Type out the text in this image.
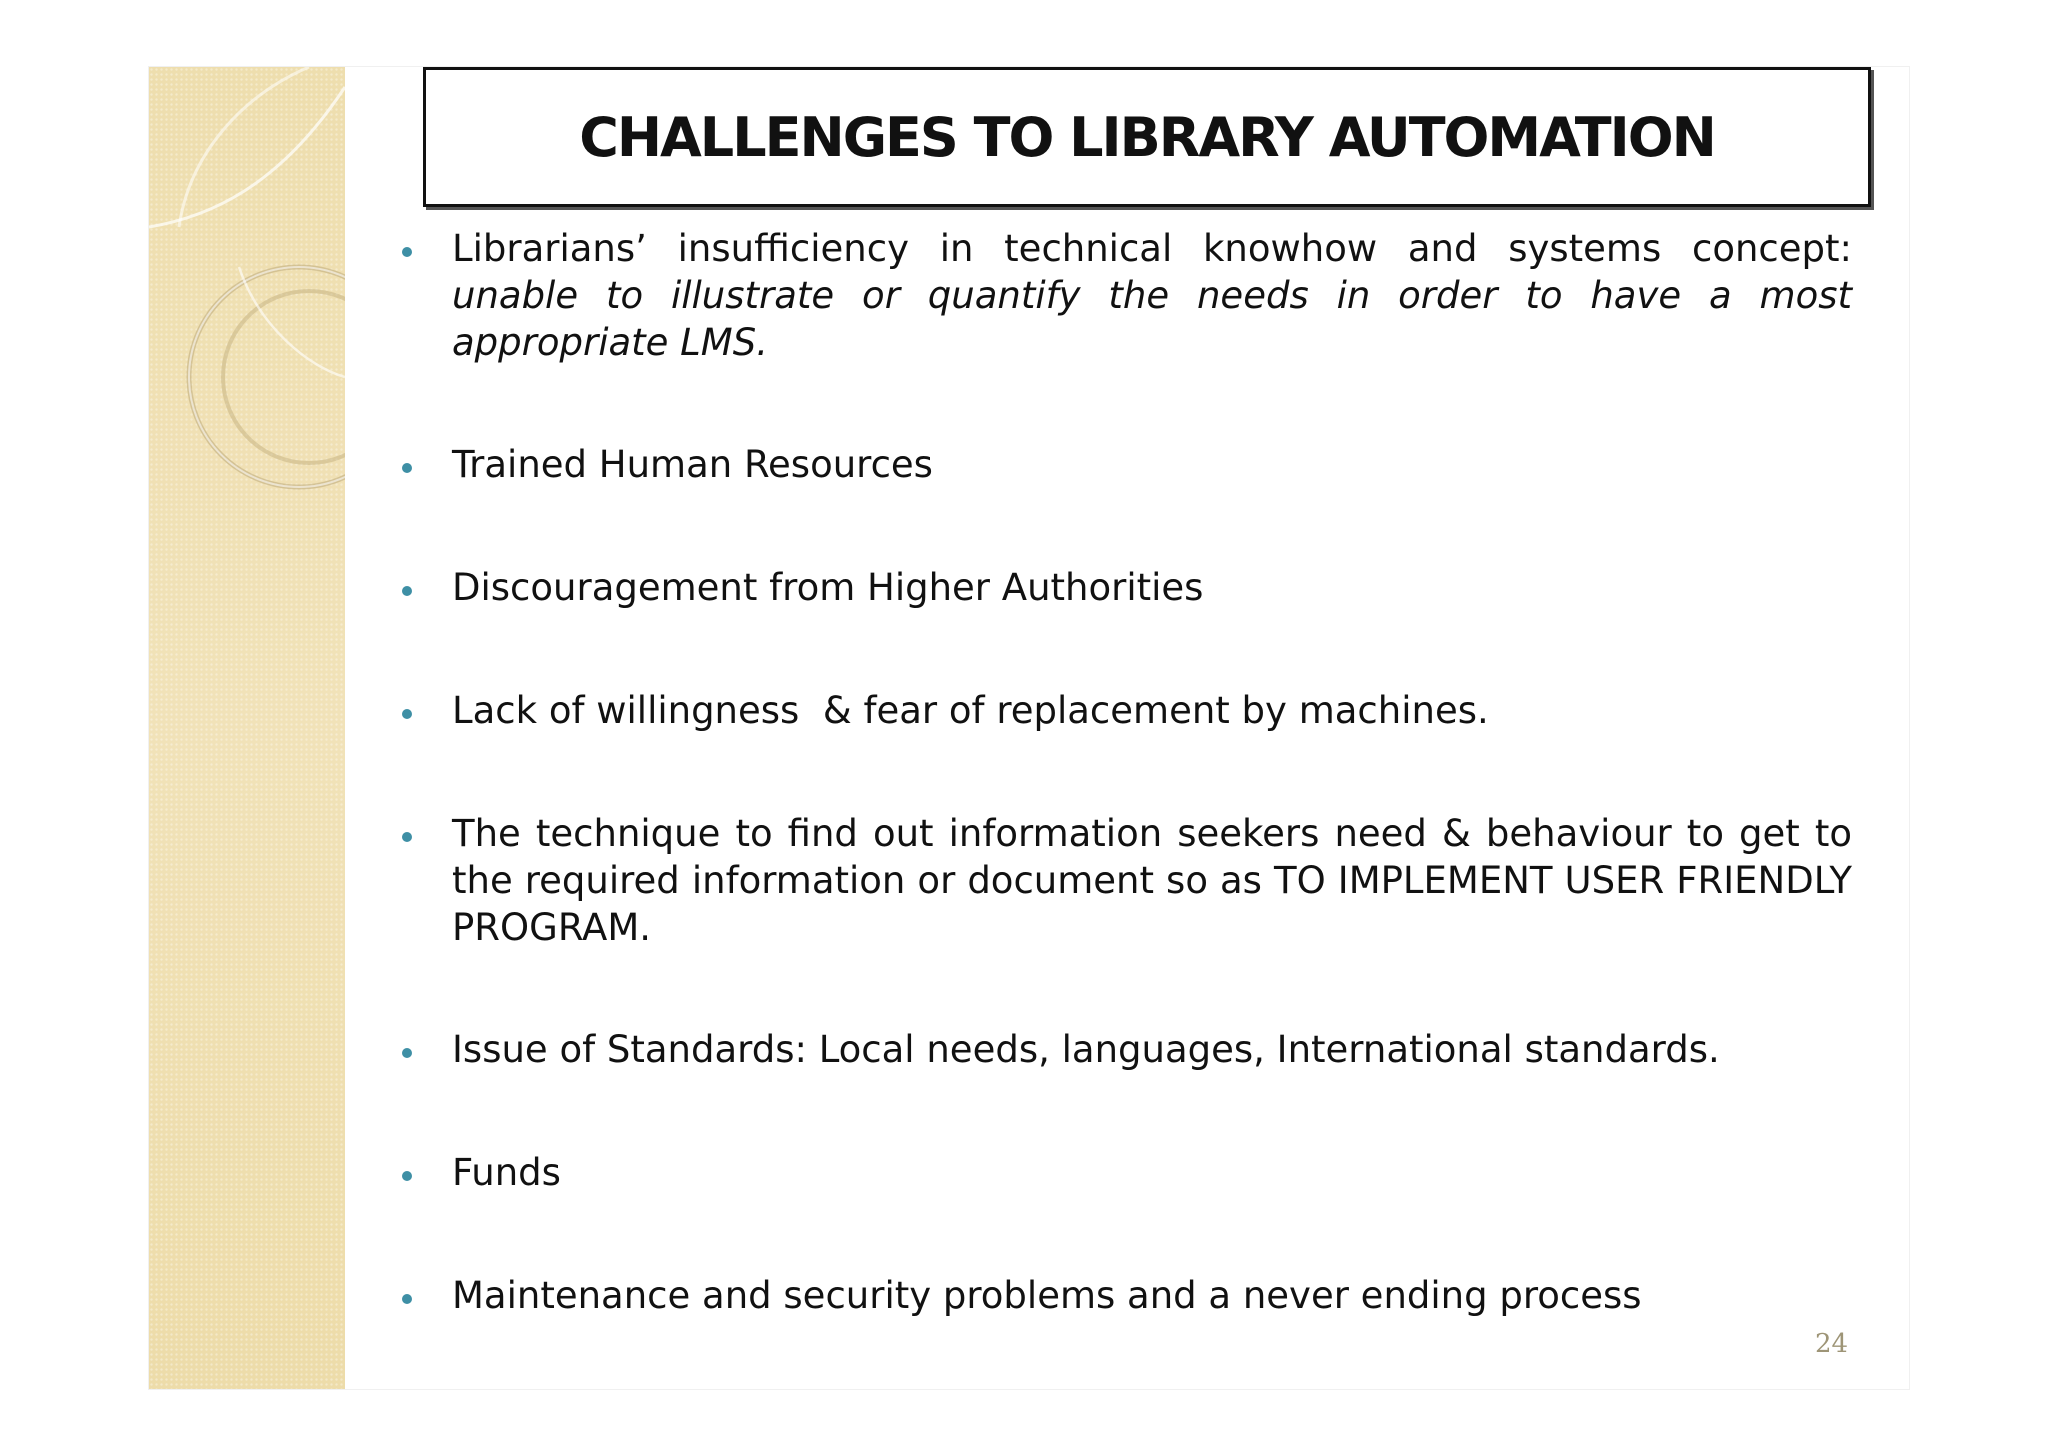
CHALLENGES TO LIBRARY AUTOMATION

Librarians’ insufficiency in technical knowhow and systems concept: unable to illustrate or quantify the needs in order to have a most appropriate LMS.

Trained Human Resources

Discouragement from Higher Authorities

Lack of willingness  & fear of replacement by machines.

The technique to find out information seekers need & behaviour to get to the required information or document so as TO IMPLEMENT USER FRIENDLY PROGRAM.

Issue of Standards: Local needs, languages, International standards.

Funds

Maintenance and security problems and a never ending process

24
